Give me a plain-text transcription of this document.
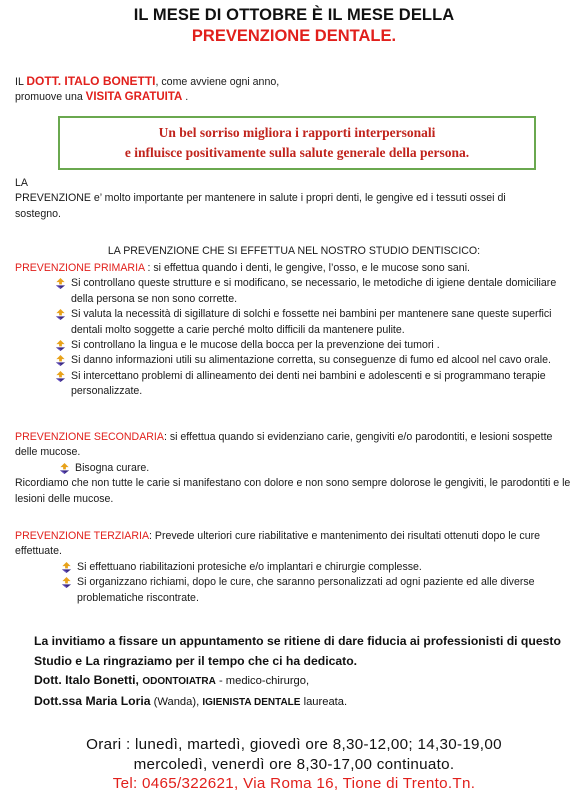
IL MESE DI OTTOBRE È IL MESE DELLA
PREVENZIONE DENTALE.
IL DOTT. ITALO BONETTI, come avviene ogni anno,
promuove una VISITA GRATUITA .

Un bel sorriso migliora i rapporti interpersonali

e influisce positivamente sulla salute generale della persona.

LA
PREVENZIONE e’ molto importante per mantenere in salute i propri denti, le gengive ed i tessuti ossei di
sostegno.
LA PREVENZIONE CHE SI EFFETTUA NEL NOSTRO STUDIO DENTISCICO:
PREVENZIONE PRIMARIA : si effettua quando i denti, le gengive, l’osso, e le mucose sono sani.
Si controllano queste strutture e si modificano, se necessario, le metodiche di igiene dentale domiciliare della persona se non sono corrette.
Si valuta la necessità di sigillature di solchi e fossette nei bambini per mantenere sane queste superfici dentali molto soggette a carie perché molto difficili da mantenere pulite.
Si controllano la lingua e le mucose della bocca per la prevenzione dei tumori .
Si danno informazioni utili su alimentazione corretta, su conseguenze di fumo ed alcool nel cavo orale.
Si intercettano problemi di allineamento dei denti nei bambini e adolescenti e si programmano terapie personalizzate.
PREVENZIONE SECONDARIA: si effettua quando si evidenziano carie, gengiviti e/o parodontiti, e lesioni sospette delle mucose.
Bisogna curare.
Ricordiamo che non tutte le carie si manifestano con dolore e non sono sempre dolorose le gengiviti, le parodontiti e le lesioni delle mucose.
PREVENZIONE TERZIARIA: Prevede ulteriori cure riabilitative e mantenimento dei risultati ottenuti dopo le cure effettuate.
Si effettuano riabilitazioni protesiche e/o implantari e chirurgie complesse.
Si organizzano richiami, dopo le cure, che saranno personalizzati ad ogni paziente ed alle diverse problematiche riscontrate.
La invitiamo a fissare un appuntamento se ritiene di dare fiducia ai professionisti di questo
Studio e La ringraziamo per il tempo che ci ha dedicato.
Dott. Italo Bonetti, ODONTOIATRA - medico-chirurgo,
Dott.ssa Maria Loria (Wanda), IGIENISTA DENTALE laureata.
Orari : lunedì, martedì, giovedì ore 8,30-12,00; 14,30-19,00
mercoledì, venerdì ore 8,30-17,00 continuato.
Tel: 0465/322621, Via Roma 16, Tione di Trento.Tn.
